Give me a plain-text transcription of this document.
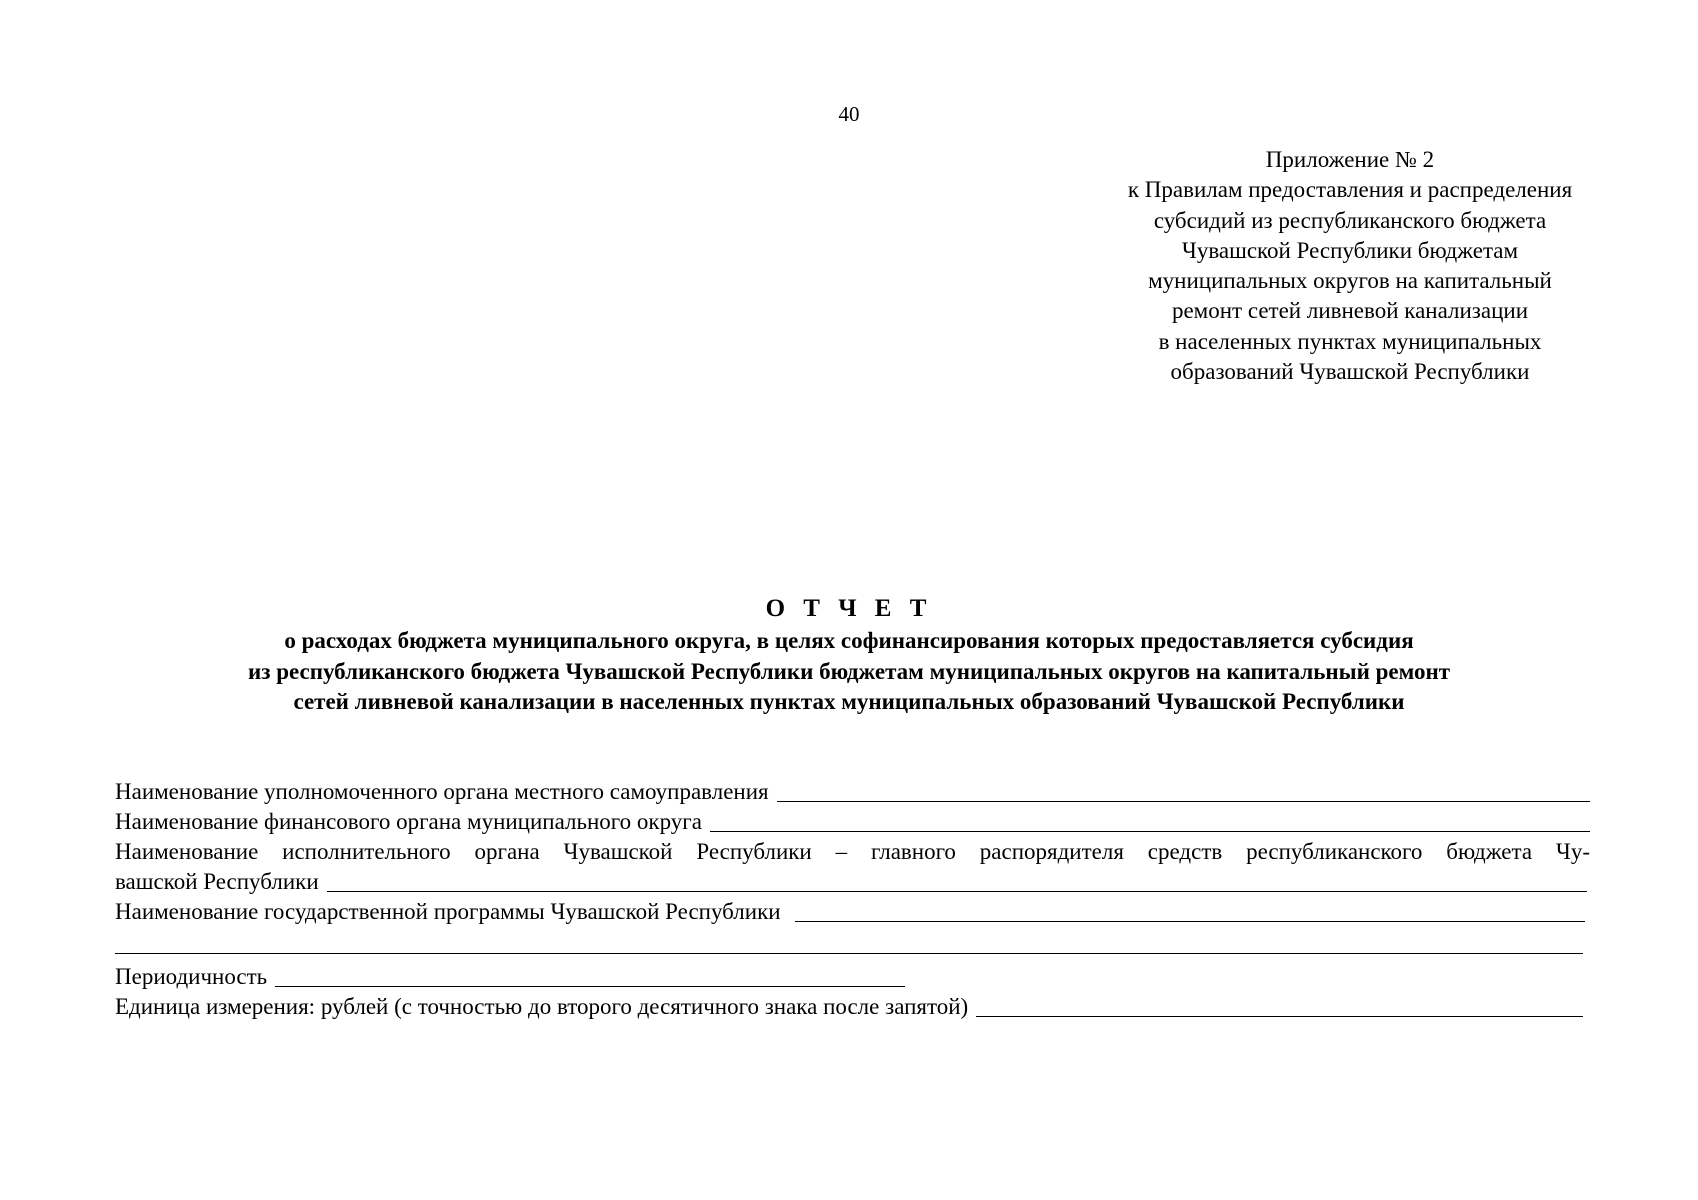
40
Приложение № 2
к Правилам предоставления и распределения
субсидий из республиканского бюджета
Чувашской Республики бюджетам
муниципальных округов на капитальный
ремонт сетей ливневой канализации
в населенных пунктах муниципальных
образований Чувашской Республики
О Т Ч Е Т
о расходах бюджета муниципального округа, в целях софинансирования которых предоставляется субсидия
из республиканского бюджета Чувашской Республики бюджетам муниципальных округов на капитальный ремонт
сетей ливневой канализации в населенных пунктах муниципальных образований Чувашской Республики
Наименование уполномоченного органа местного самоуправления
Наименование финансового органа муниципального округа
Наименование исполнительного органа Чувашской Республики – главного распорядителя средств республиканского бюджета Чу-
вашской Республики
Наименование государственной программы Чувашской Республики
Периодичность
Единица измерения: рублей (с точностью до второго десятичного знака после запятой)
